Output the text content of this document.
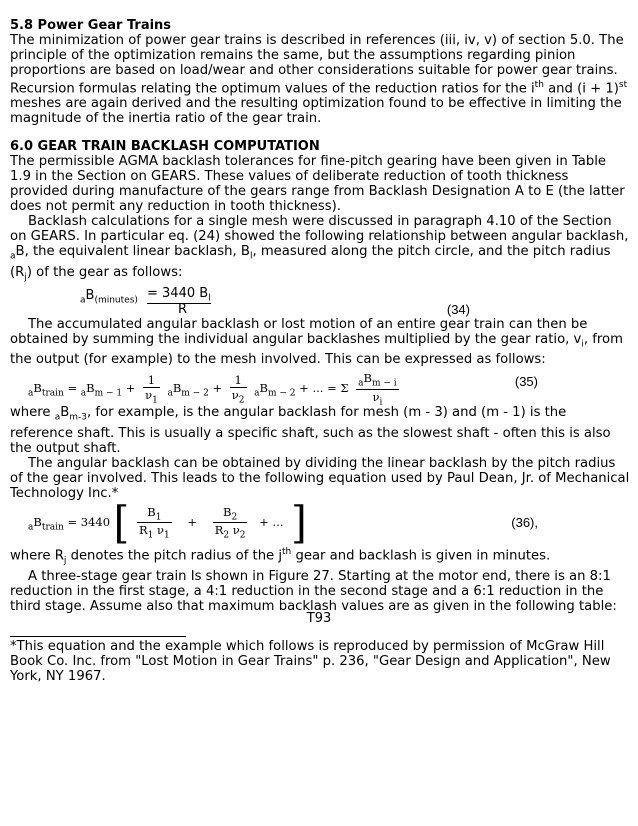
5.8 Power Gear Trains

The minimization of power gear trains is described in references (iii, iv, v) of section 5.0. The principle of the optimization remains the same, but the assumptions regarding pinion proportions are based on load/wear and other considerations suitable for power gear trains. Recursion formulas relating the optimum values of the reduction ratios for the $i^{th}$ and $(i + 1)^{st}$ meshes are again derived and the resulting optimization found to be effective in limiting the magnitude of the inertia ratio of the gear train.

6.0 GEAR TRAIN BACKLASH COMPUTATION

The permissible AGMA backlash tolerances for fine-pitch gearing have been given in Table 1.9 in the Section on GEARS. These values of deliberate reduction of tooth thickness provided during manufacture of the gears range from Backlash Designation A to E (the latter does not permit any reduction in tooth thickness).

Backlash calculations for a single mesh were discussed in paragraph 4.10 of the Section on GEARS. In particular eq. (24) showed the following relationship between angular backlash, $_a$B, the equivalent linear backlash, $B_l$, measured along the pitch circle, and the pitch radius $(R_j)$ of the gear as follows:

$_aB_{(minutes)} = 3440$ $B_l$
R	(34)

The accumulated angular backlash or lost motion of an entire gear train can then be obtained by summing the individual angular backlashes multiplied by the gear ratio, $v_i$, from the output (for example) to the mesh involved. This can be expressed as follows:

$_aB_{train} = _aB_{m - 1} + \frac{1}{\nu_1} _aB_{m - 2} + \frac{1}{\nu_2} _aB_{m - 2}$ + ... = Σ $\frac{_aB_{m - i}}{\nu_i}$	(35)

where $_aB_{m-3}$, for example, is the angular backlash for mesh (m - 3) and (m - 1) is the reference shaft. This is usually a specific shaft, such as the slowest shaft - often this is also the output shaft.

The angular backlash can be obtained by dividing the linear backlash by the pitch radius of the gear involved. This leads to the following equation used by Paul Dean, Jr. of Mechanical Technology Inc.*

$_aB_{train} = 3440$ [ $\frac{B_1}{R_1 \nu_1} + \frac{B_2}{R_2 \nu_2}$ + ... ]	(36),

where $R_j$ denotes the pitch radius of the $j^{th}$ gear and backlash is given in minutes.

A three-stage gear train Is shown in Figure 27. Starting at the motor end, there is an 8:1 reduction in the first stage, a 4:1 reduction in the second stage and a 6:1 reduction in the third stage. Assume also that maximum backlash values are as given in the following table:

*This equation and the example which follows is reproduced by permission of McGraw Hill Book Co. Inc. from "Lost Motion in Gear Trains" p. 236, "Gear Design and Application", New York, NY 1967.

T93
